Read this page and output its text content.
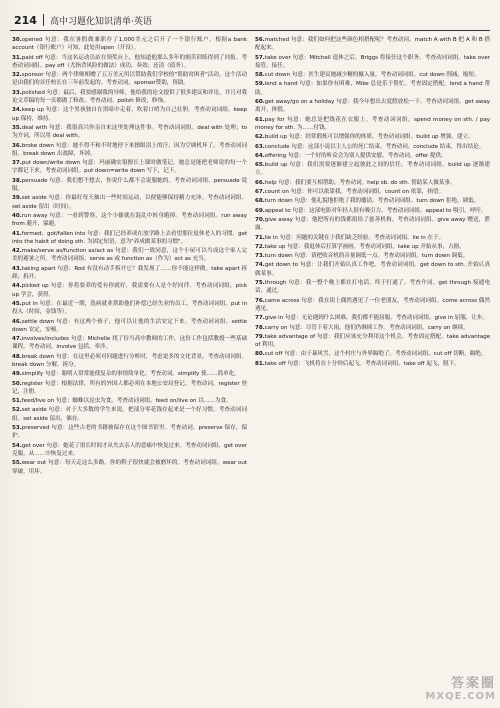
214 高中习题化知识清单·英语

30.opened 句意：我在暑假做兼职存了1,000美元之后开了一个银行账户。根据a bank account（银行账户）可知，此处用open（开设）。

31.paid off 句意：当这名运动员站在领奖台上，他知道他那么多年的刻苦训练得到了回报。考查动词词组。pay off（尤指背风险的做法）成功，奏效；还清（债务）。

32.sponsor 句意：两个律师相赠了五万美元用以赞助我们学校的"帮助贫困者"活动，这个活动是由我们的首任校长在三年前发起的。考查动词。sponsor赞助，资助。

33.polished 句意：最后，我要感谢我的导师，他给我的论文提供了很多建议和评论，并且对我论文草稿的每一页都做了修改。考查动词。polish 修改，修饰。

34.keep up 句意：这个男孩独自在黑暗中走着，吹着口哨为自己壮胆。考查动词词组。keep up 保持，维持。

35.deal with 句意：我很高兴你亲自来这里处理这件事。考查动词词组。deal with 处理；to为介词，所以用 deal with。

36.broke down 句意：她不得不和不时地停下来擦眼泪上的汗，因为空调机坏了。考查动词词组。break down 出故障，坏掉。

37.put down/write down 句意：玛丽确实很擅长上课时做笔记。她总是能把老师说的每一个字都记下来。考查动词词组。put down=write down 写下，记下。

38.persuade 句意：我们想不想去，你说什么都不会说服她的。考查动词词组。persuade 说服。

39.set aside 句意：你最好每天抽出一些时间运动，以便能够保持精力充沛。考查动词词组。set aside 留出（时间）。

40.run away 句意：一看到警察，这个小偷就在混乱中转身跑掉。考查动词词组。run away from 避开，躲避。

41.formed；got/fallen into 句意：我们已经养成在放学路上去看望那位退休老人的习惯。get into the habit of doing sth. 为固定短语，意为"养成做某事的习惯"。

42.make/serve as/function as/act as 句意：我们一致同意，这个小屋可以当成这个家人完美的避暑之所。考查动词词组。serve as 或 function as（作为）act as 充当。

43.taking apart 句意：Rod 有没有动手拆开它？我发现了……你不能这样做。take apart 拆卸，拆开。

44.picked up 句意：你将要养的爱有你就好，我需要有人是个好同伴。考查动词词组。pick up 学会，获得。

45.put in 句意：在最近一期，选病就业帮助他们补偿已经失业的员工。考查动词词组。put in 投入（时间，金钱等）。

46.settle down 句意：有这两个孩子，他可以让他的生活安定下来。考查动词词组。settle down 安定，安顿。

47.involves/includes 句意：Michelle 找了份当高中教师的工作，这份工作包括教授一些基础课程。考查动词。involve 包括，牵涉。

48.break down 句意：在这里必须对问题进行分析时，考虑更多的文化背景。考查动词词组。break down 分解，拆分。

49.simplify 句意：聪明人常常能使复杂的事情简单化。考查动词。simplify 使……简单化。

50.register 句意：根据法律，所有的外国人都必须在本地公安局登记。考查动词。register 登记，注册。

51.feed/live on 句意：蜘蛛以昆虫为食。考查动词词组。feed on/live on 以……为食。

52.set aside 句意：对于大多数的学生来说，把部分零花钱存起来是一个好习惯。考查动词词组。set aside 留出，储存。

53.preserved 句意：这些古老的书籍被保存在这个图书馆里。考查动词。preserve 保存，保护。

54.get over 句意：她花了很长时间才从失去亲人的悲痛中恢复过来。考查动词词组。get over 克服，从……中恢复过来。

55.wear out 句意：每天走这么多路，你的鞋子很快就会被磨坏的。考查动词词组。wear out 穿破，用坏。

56.matched 句意：我们如何把这些颜色相搭配呢？考查动词。match A with B 把 A 和 B 搭配起来。

57.take over 句意：Mitchell 退休之后，Briggs 将接任这个职务。考查动词词组。take over 接管，接任。

58.cut down 句意：医生建议她减少糖的摄入量。考查动词词组。cut down 削减，缩短。

59.lend a hand 句意：如果你有困难，Mike 总是乐于帮忙。考查固定搭配。lend a hand 帮助。

60.get away/go on a holiday 句意：我今年想出去度假放松一下。考查动词词组。get away 离开，休假。

61.pay for 句意：她总是把钱花在衣服上。考查动词词组。spend money on sth. / pay money for sth. 为……付钱。

62.build up 句意：经常锻炼可以增强你的体质。考查动词词组。build up 增强，建立。

63.conclude 句意：这部小说以主人公的死亡结束。考查动词。conclude 结束，得出结论。

64.offering 句意：一个好的听众会为别人提供安慰。考查动词。offer 提供。

65.build up 句意：我们需要逐渐建立起彼此之间的信任。考查动词词组。build up 逐渐建立。

66.help 句意：我们要互相帮助。考查动词。help sb. do sth. 帮助某人做某事。

67.count on 句意：你可以依靠我。考查动词词组。count on 依靠，指望。

68.turn down 句意：他礼貌地拒绝了我的邀请。考查动词词组。turn down 拒绝，调低。

69.appeal to 句意：这部电影对年轻人很有吸引力。考查动词词组。appeal to 吸引，呼吁。

70.give away 句意：他把所有的钱都捐给了慈善机构。考查动词词组。give away 赠送，泄露。

71.lie in 句意：问题的关键在于我们缺乏经验。考查动词词组。lie in 在于。

72.take up 句意：我退休后打算学画画。考查动词词组。take up 开始从事，占据。

73.turn down 句意：请把收音机的音量调低一点。考查动词词组。turn down 调低。

74.get down to 句意：让我们开始认真工作吧。考查动词词组。get down to sth. 开始认真做某事。

75.through 句意：我一整个晚上都在打电话，终于打通了。考查介词。get through 接通电话，通过。

76.came across 句意：我在街上偶然遇见了一位老朋友。考查动词词组。come across 偶然遇见。

77.give in 句意：无论遇到什么困难，我们都不能屈服。考查动词词组。give in 屈服，让步。

78.carry on 句意：尽管下着大雨，他们仍继续工作。考查动词词组。carry on 继续。

79.take advantage of 句意：我们应该充分利用这个机会。考查固定搭配。take advantage of 利用。

80.cut off 句意：由于暴风雪，这个村庄与外界隔绝了。考查动词词组。cut off 切断，隔绝。

81.take off 句意：飞机将在十分钟后起飞。考查动词词组。take off 起飞，脱下。

答案圈
MXQE.COM
